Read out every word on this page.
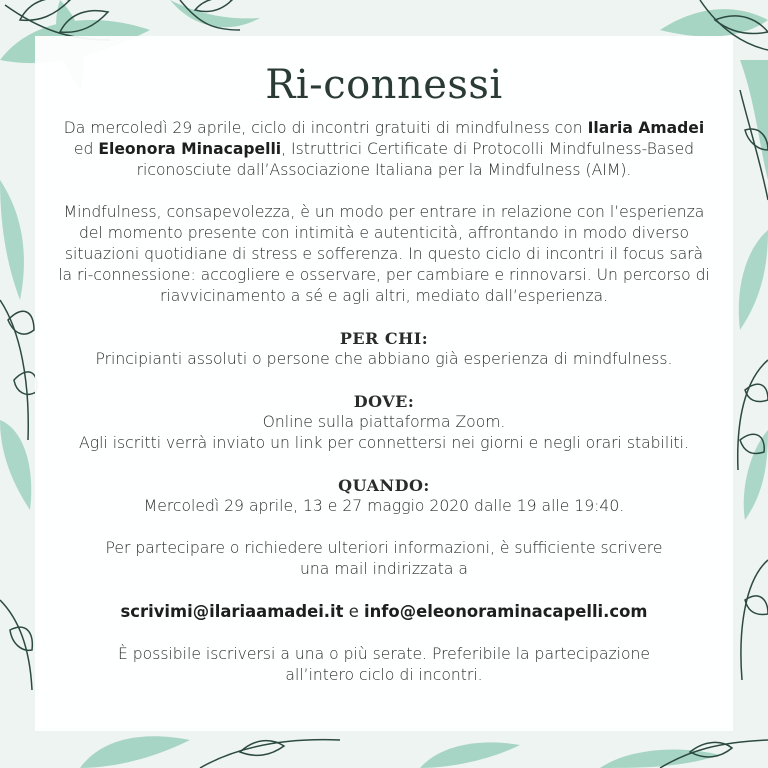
Ri-connessi

Da mercoledì 29 aprile, ciclo di incontri gratuiti di mindfulness con Ilaria Amadei ed Eleonora Minacapelli, Istruttrici Certificate di Protocolli Mindfulness-Based riconosciute dall’Associazione Italiana per la Mindfulness (AIM).

Mindfulness, consapevolezza, è un modo per entrare in relazione con l’esperienza del momento presente con intimità e autenticità, affrontando in modo diverso situazioni quotidiane di stress e sofferenza. In questo ciclo di incontri il focus sarà la ri-connessione: accogliere e osservare, per cambiare e rinnovarsi. Un percorso di riavvicinamento a sé e agli altri, mediato dall’esperienza.

PER CHI:

Principianti assoluti o persone che abbiano già esperienza di mindfulness.

DOVE:

Online sulla piattaforma Zoom.

Agli iscritti verrà inviato un link per connettersi nei giorni e negli orari stabiliti.

QUANDO:

Mercoledì 29 aprile, 13 e 27 maggio 2020 dalle 19 alle 19:40.

Per partecipare o richiedere ulteriori informazioni, è sufficiente scrivere

una mail indirizzata a

scrivimi@ilariaamadei.it e info@eleonoraminacapelli.com

È possibile iscriversi a una o più serate. Preferibile la partecipazione

all’intero ciclo di incontri.
